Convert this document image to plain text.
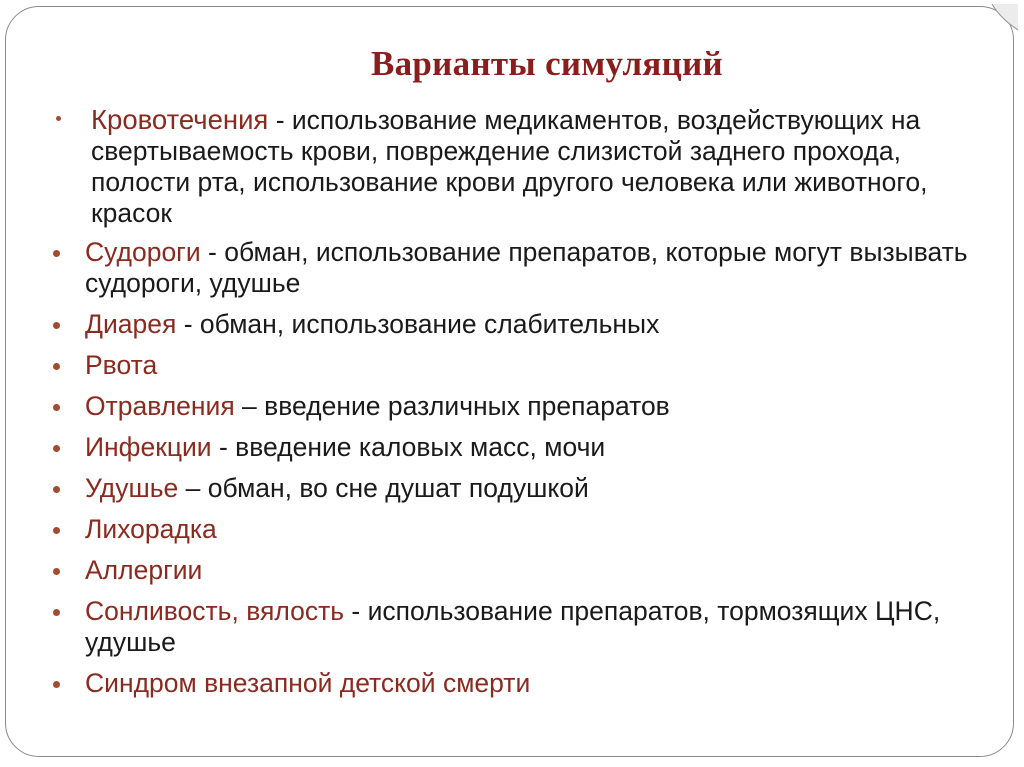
Варианты симуляций
Кровотечения - использование медикаментов, воздействующих на свертываемость крови, повреждение слизистой заднего прохода, полости рта, использование крови другого человека или животного, красок
Судороги - обман, использование препаратов, которые могут вызывать судороги, удушье
Диарея - обман, использование слабительных
Рвота
Отравления – введение различных препаратов
Инфекции - введение каловых масс, мочи
Удушье – обман, во сне душат подушкой
Лихорадка
Аллергии
Сонливость, вялость - использование препаратов, тормозящих ЦНС, удушье
Синдром внезапной детской смерти
